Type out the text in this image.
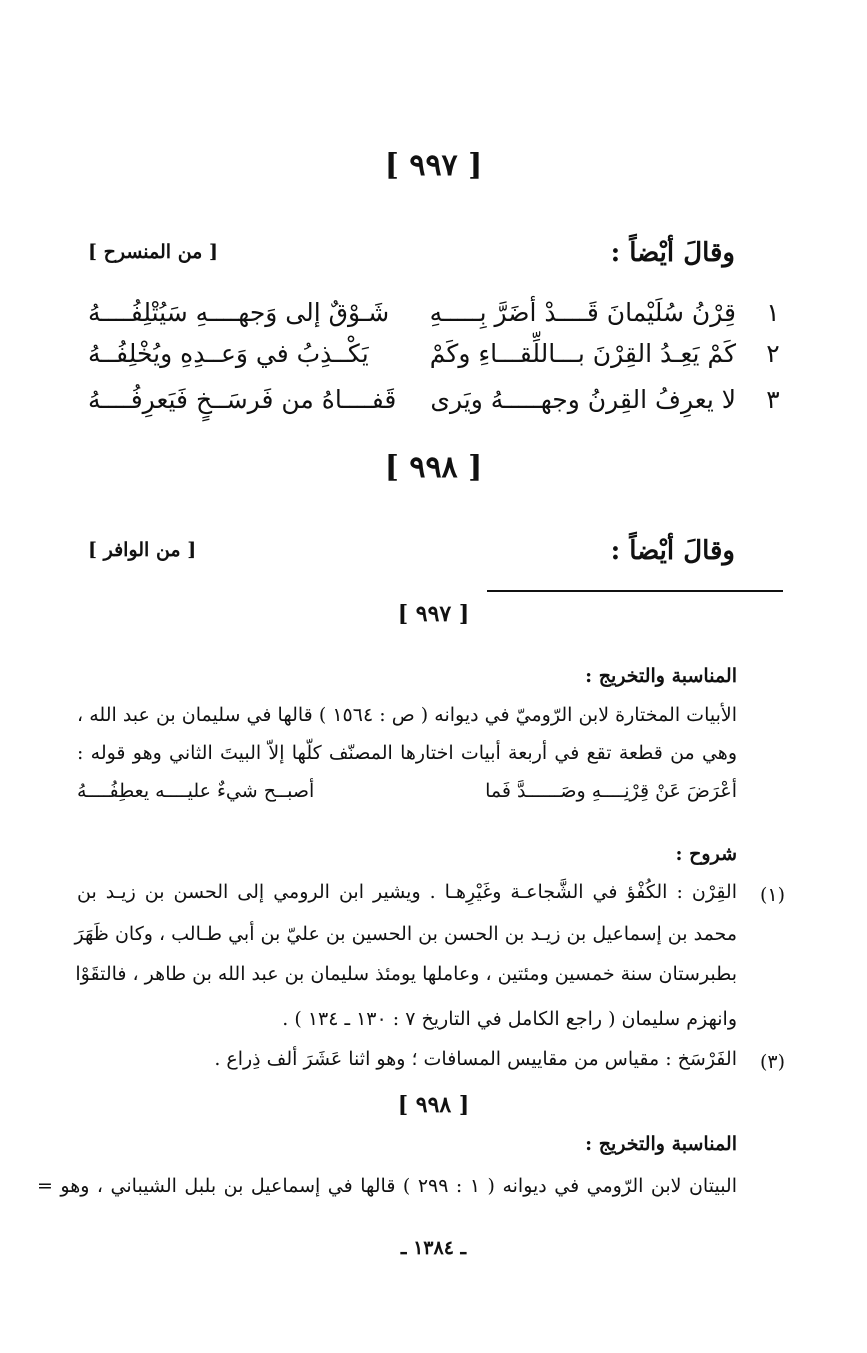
[ ٩٩٧ ]
وقالَ أيْضاً :
[ من المنسرح ]
١
قِرْنُ سُلَيْمانَ قَــــدْ أضَرَّ بِـــــهِ
شَـوْقٌ إلى وَجهــــهِ سَيُتْلِفُــــهُ
٢
كَمْ يَعِـدُ القِرْنَ بـــاللِّقـــاءِ وكَمْ
يَكْــذِبُ في وَعــدِهِ ويُخْلِفُــهُ
٣
لا يعرِفُ القِرنُ وجهـــــهُ ويَرى
قَفــــاهُ من فَرسَــخٍ فَيَعرِفُــــهُ
[ ٩٩٨ ]
وقالَ أيْضاً :
[ من الوافر ]
[ ٩٩٧ ]
المناسبة والتخريج :
الأبيات المختارة لابن الرّوميّ في ديوانه ( ص : ١٥٦٤ ) قالها في سليمان بن عبد الله ،
وهي من قطعة تقع في أربعة أبيات اختارها المصنّف كلّها إلاّ البيتَ الثاني وهو قوله :
أعْرَضَ عَنْ قِرْنِــــهِ وصَــــــدَّ فَما
أصبــح شيءٌ عليــــه يعطِفُــــهُ
شروح :
(١)
القِرْن : الكُفْؤ في الشَّجاعـة وغَيْرِهـا . ويشير ابن الرومي إلى الحسن بن زيـد بن
محمد بن إسماعيل بن زيـد بن الحسن بن الحسين بن عليّ بن أبي طـالب ، وكان ظَهَرَ
بطبرستان سنة خمسين ومئتين ، وعاملها يومئذ سليمان بن عبد الله بن طاهر ، فالتقَوْا
وانهزم سليمان ( راجع الكامل في التاريخ ٧ : ١٣٠ ـ ١٣٤ ) .
(٣)
الفَرْسَخ : مقياس من مقاييس المسافات ؛ وهو اثنا عَشَرَ ألف ذِراع .
[ ٩٩٨ ]
المناسبة والتخريج :
البيتان لابن الرّومي في ديوانه ( ١ : ٢٩٩ ) قالها في إسماعيل بن بلبل الشيباني ، وهو =
ـ ١٣٨٤ ـ
